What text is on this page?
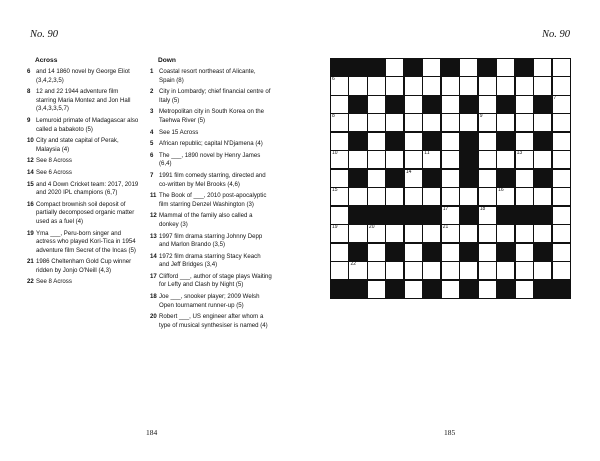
No. 90
Across	Down
6 and 14 1860 novel by George Eliot (3,4,2,3,5)
8 12 and 22 1944 adventure film starring Maria Montez and Jon Hall (3,4,3,3,5,7)
9 Lemuroid primate of Madagascar also called a babakoto (5)
10 City and state capital of Perak, Malaysia (4)
12 See 8 Across
14 See 6 Across
15 and 4 Down Cricket team: 2017, 2019 and 2020 IPL champions (6,7)
16 Compact brownish soil deposit of partially decomposed organic matter used as a fuel (4)
19 Yma ___, Peru-born singer and actress who played Kori-Tica in 1954 adventure film Secret of the Incas (5)
21 1986 Cheltenham Gold Cup winner ridden by Jonjo O'Neill (4,3)
22 See 8 Across
1 Coastal resort northeast of Alicante, Spain (8)
2 City in Lombardy; chief financial centre of Italy (5)
3 Metropolitan city in South Korea on the Taehwa River (5)
4 See 15 Across
5 African republic; capital N'Djamena (4)
6 The ___, 1890 novel by Henry James (6,4)
7 1991 film comedy starring, directed and co-written by Mel Brooks (4,6)
11 The Book of ___, 2010 post-apocalyptic film starring Denzel Washington (3)
12 Mammal of the family also called a donkey (3)
13 1997 film drama starring Johnny Depp and Marlon Brando (3,5)
14 1972 film drama starring Stacy Keach and Jeff Bridges (3,4)
17 Clifford ___, author of stage plays Waiting for Lefty and Clash by Night (5)
18 Joe ___, snooker player; 2009 Welsh Open tournament runner-up (5)
20 Robert ___, US engineer after whom a type of musical synthesiser is named (4)
184
No. 90
6
7
8	9
10	11	13
14
15	16
17	18
19	20	21
22
185
